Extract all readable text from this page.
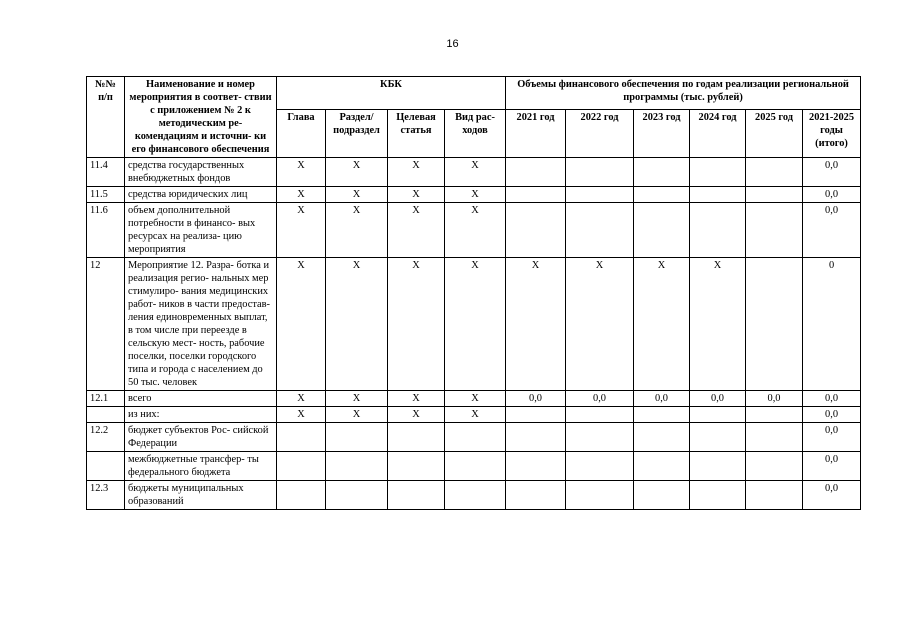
16
№№ п/п	Наименование и номер мероприятия в соответ- ствии с приложением № 2 к методическим ре- комендациям и источни- ки его финансового обеспечения	КБК				Объемы финансового обеспечения по годам реализации региональной программы (тыс. рублей)					
		Глава	Раздел/ подраздел	Целевая статья	Вид рас- ходов	2021 год	2022 год	2023 год	2024 год	2025 год	2021-2025 годы (итого)
11.4	средства государственных внебюджетных фондов	X	X	X	X						0,0
11.5	средства юридических лиц	X	X	X	X						0,0
11.6	объем дополнительной потребности в финансо- вых ресурсах на реализа- цию мероприятия	X	X	X	X						0,0
12	Мероприятие 12. Разра- ботка и реализация регио- нальных мер стимулиро- вания медицинских работ- ников в части предостав- ления единовременных выплат, в том числе при переезде в сельскую мест- ность, рабочие поселки, поселки городского типа и города с населением до 50 тыс. человек	X	X	X	X	X	X	X	X		0
12.1	всего	X	X	X	X	0,0	0,0	0,0	0,0	0,0	0,0
	из них:	X	X	X	X						0,0
12.2	бюджет субъектов Рос- сийской Федерации										0,0
	межбюджетные трансфер- ты федерального бюджета										0,0
12.3	бюджеты муниципальных образований										0,0
